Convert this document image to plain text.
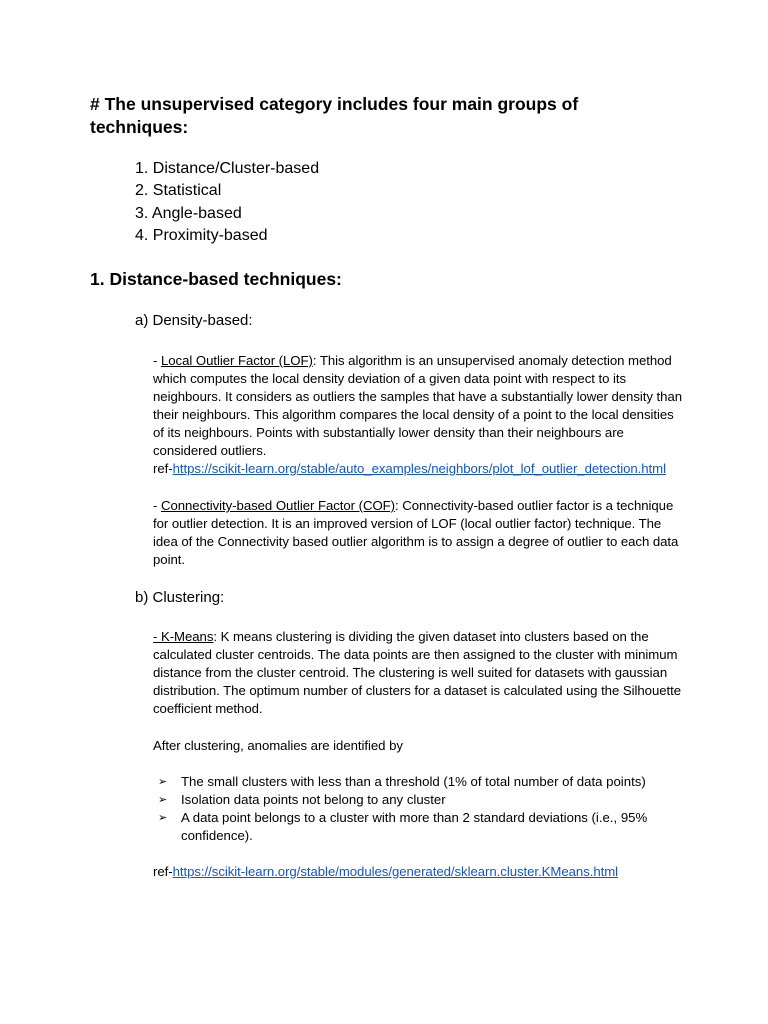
# The unsupervised category includes four main groups of techniques:
1. Distance/Cluster-based
2. Statistical
3. Angle-based
4. Proximity-based
1. Distance-based techniques:

a) Density-based:

- Local Outlier Factor (LOF): This algorithm is an unsupervised anomaly detection method which computes the local density deviation of a given data point with respect to its neighbours. It considers as outliers the samples that have a substantially lower density than their neighbours. This algorithm compares the local density of a point to the local densities of its neighbours. Points with substantially lower density than their neighbours are considered outliers.
ref-https://scikit-learn.org/stable/auto_examples/neighbors/plot_lof_outlier_detection.html

- Connectivity-based Outlier Factor (COF): Connectivity-based outlier factor is a technique for outlier detection. It is an improved version of LOF (local outlier factor) technique. The idea of the Connectivity based outlier algorithm is to assign a degree of outlier to each data point.

b) Clustering:

- K-Means: K means clustering is dividing the given dataset into clusters based on the calculated cluster centroids. The data points are then assigned to the cluster with minimum distance from the cluster centroid. The clustering is well suited for datasets with gaussian distribution. The optimum number of clusters for a dataset is calculated using the Silhouette coefficient method.

After clustering, anomalies are identified by

➢ The small clusters with less than a threshold (1% of total number of data points)
➢ Isolation data points not belong to any cluster
➢ A data point belongs to a cluster with more than 2 standard deviations (i.e., 95% confidence).

ref-https://scikit-learn.org/stable/modules/generated/sklearn.cluster.KMeans.html
